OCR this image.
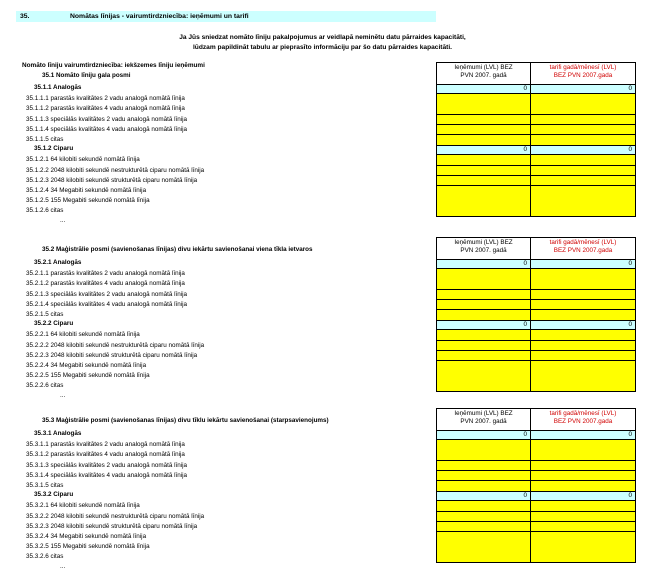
35.	Nomātas līnijas - vairumtirdzniecība: ieņēmumi un tarifi
Ja Jūs sniedzat nomāto līniju pakalpojumus ar veidlapā neminētu datu pārraides kapacitāti,
lūdzam papildināt tabulu ar pieprasīto informāciju par šo datu pārraides kapacitāti.
Nomāto līniju vairumtirdzniecība: iekšzemes līniju ieņēmumi	Ieņēmumi (LVL) BEZ
PVN 2007. gadā
tarifi gadā/mēnesī (LVL)
BEZ PVN 2007.gada
35.1 Nomāto līniju gala posmi
35.1.1 Analogās	0	0
35.1.1.1 parastās kvalitātes 2 vadu analogā nomātā līnija
35.1.1.2 parastās kvalitātes 4 vadu analogā nomātā līnija
35.1.1.3 speciālās kvalitātes 2 vadu analogā nomātā līnija
35.1.1.4 speciālās kvalitātes 4 vadu analogā nomātā līnija
35.1.1.5 citas
35.1.2 Ciparu	0	0
35.1.2.1 64 kilobiti sekundē nomātā līnija
35.1.2.2 2048 kilobiti sekundē nestrukturētā ciparu nomātā līnija
35.1.2.3 2048 kilobiti sekundē strukturētā ciparu nomātā līnija
35.1.2.4 34 Megabiti sekundē nomātā līnija
35.1.2.5 155 Megabiti sekundē nomātā līnija
35.1.2.6 citas
...
Ieņēmumi (LVL) BEZ
PVN 2007. gadā
tarifi gadā/mēnesī (LVL)
BEZ PVN 2007.gada
35.2 Maģistrālie posmi (savienošanas līnijas) divu iekārtu savienošanai viena tīkla ietvaros
35.2.1 Analogās	0	0
35.2.1.1 parastās kvalitātes 2 vadu analogā nomātā līnija
35.2.1.2 parastās kvalitātes 4 vadu analogā nomātā līnija
35.2.1.3 speciālās kvalitātes 2 vadu analogā nomātā līnija
35.2.1.4 speciālās kvalitātes 4 vadu analogā nomātā līnija
35.2.1.5 citas
35.2.2 Ciparu	0	0
35.2.2.1 64 kilobiti sekundē nomātā līnija
35.2.2.2 2048 kilobiti sekundē nestrukturētā ciparu nomātā līnija
35.2.2.3 2048 kilobiti sekundē strukturētā ciparu nomātā līnija
35.2.2.4 34 Megabiti sekundē nomātā līnija
35.2.2.5 155 Megabiti sekundē nomātā līnija
35.2.2.6 citas
...
Ieņēmumi (LVL) BEZ
PVN 2007. gadā
tarifi gadā/mēnesī (LVL)
BEZ PVN 2007.gada
35.3 Maģistrālie posmi (savienošanas līnijas) divu tīklu iekārtu savienošanai (starpsavienojums)
35.3.1 Analogās	0	0
35.3.1.1 parastās kvalitātes 2 vadu analogā nomātā līnija
35.3.1.2 parastās kvalitātes 4 vadu analogā nomātā līnija
35.3.1.3 speciālās kvalitātes 2 vadu analogā nomātā līnija
35.3.1.4 speciālās kvalitātes 4 vadu analogā nomātā līnija
35.3.1.5 citas
35.3.2 Ciparu	0	0
35.3.2.1 64 kilobiti sekundē nomātā līnija
35.3.2.2 2048 kilobiti sekundē nestrukturētā ciparu nomātā līnija
35.3.2.3 2048 kilobiti sekundē strukturētā ciparu nomātā līnija
35.3.2.4 34 Megabiti sekundē nomātā līnija
35.3.2.5 155 Megabiti sekundē nomātā līnija
35.3.2.6 citas
...
